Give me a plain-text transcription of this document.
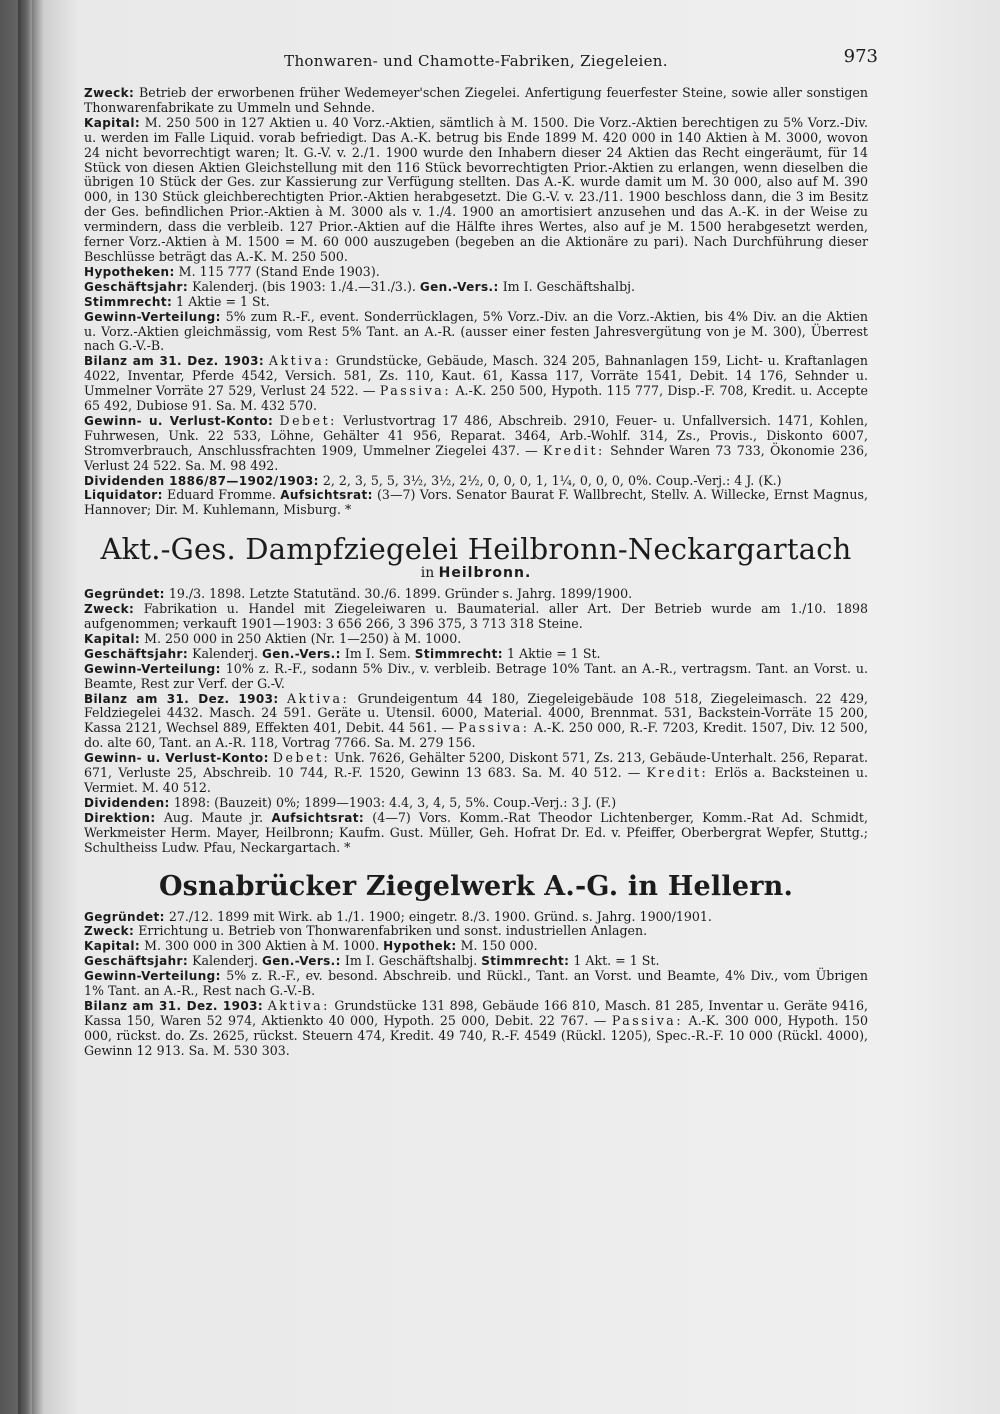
Thonwaren- und Chamotte-Fabriken, Ziegeleien.	973

Zweck: Betrieb der erworbenen früher Wedemeyer'schen Ziegelei. Anfertigung feuerfester Steine, sowie aller sonstigen Thonwarenfabrikate zu Ummeln und Sehnde.

Kapital: M. 250 500 in 127 Aktien u. 40 Vorz.-Aktien, sämtlich à M. 1500. Die Vorz.-Aktien berechtigen zu 5% Vorz.-Div. u. werden im Falle Liquid. vorab befriedigt. Das A.-K. betrug bis Ende 1899 M. 420 000 in 140 Aktien à M. 3000, wovon 24 nicht bevorrechtigt waren; lt. G.-V. v. 2./1. 1900 wurde den Inhabern dieser 24 Aktien das Recht eingeräumt, für 14 Stück von diesen Aktien Gleichstellung mit den 116 Stück bevorrechtigten Prior.-Aktien zu erlangen, wenn dieselben die übrigen 10 Stück der Ges. zur Kassierung zur Verfügung stellten. Das A.-K. wurde damit um M. 30 000, also auf M. 390 000, in 130 Stück gleichberechtigten Prior.-Aktien herabgesetzt. Die G.-V. v. 23./11. 1900 beschloss dann, die 3 im Besitz der Ges. befindlichen Prior.-Aktien à M. 3000 als v. 1./4. 1900 an amortisiert anzusehen und das A.-K. in der Weise zu vermindern, dass die verbleib. 127 Prior.-Aktien auf die Hälfte ihres Wertes, also auf je M. 1500 herabgesetzt werden, ferner Vorz.-Aktien à M. 1500 = M. 60 000 auszugeben (begeben an die Aktionäre zu pari). Nach Durchführung dieser Beschlüsse beträgt das A.-K. M. 250 500.

Hypotheken: M. 115 777 (Stand Ende 1903).

Geschäftsjahr: Kalenderj. (bis 1903: 1./4.—31./3.). Gen.-Vers.: Im I. Geschäftshalbj.

Stimmrecht: 1 Aktie = 1 St.

Gewinn-Verteilung: 5% zum R.-F., event. Sonderrücklagen, 5% Vorz.-Div. an die Vorz.-Aktien, bis 4% Div. an die Aktien u. Vorz.-Aktien gleichmässig, vom Rest 5% Tant. an A.-R. (ausser einer festen Jahresvergütung von je M. 300), Überrest nach G.-V.-B.

Bilanz am 31. Dez. 1903: Aktiva: Grundstücke, Gebäude, Masch. 324 205, Bahnanlagen 159, Licht- u. Kraftanlagen 4022, Inventar, Pferde 4542, Versich. 581, Zs. 110, Kaut. 61, Kassa 117, Vorräte 1541, Debit. 14 176, Sehnder u. Ummelner Vorräte 27 529, Verlust 24 522. — Passiva: A.-K. 250 500, Hypoth. 115 777, Disp.-F. 708, Kredit. u. Accepte 65 492, Dubiose 91. Sa. M. 432 570.

Gewinn- u. Verlust-Konto: Debet: Verlustvortrag 17 486, Abschreib. 2910, Feuer- u. Unfallversich. 1471, Kohlen, Fuhrwesen, Unk. 22 533, Löhne, Gehälter 41 956, Reparat. 3464, Arb.-Wohlf. 314, Zs., Provis., Diskonto 6007, Stromverbrauch, Anschlussfrachten 1909, Ummelner Ziegelei 437. — Kredit: Sehnder Waren 73 733, Ökonomie 236, Verlust 24 522. Sa. M. 98 492.

Dividenden 1886/87—1902/1903: 2, 2, 3, 5, 5, 3½, 3½, 2½, 0, 0, 0, 1, 1¼, 0, 0, 0, 0%. Coup.-Verj.: 4 J. (K.)

Liquidator: Eduard Fromme. Aufsichtsrat: (3—7) Vors. Senator Baurat F. Wallbrecht, Stellv. A. Willecke, Ernst Magnus, Hannover; Dir. M. Kuhlemann, Misburg. *

Akt.-Ges. Dampfziegelei Heilbronn-Neckargartach
in Heilbronn.

Gegründet: 19./3. 1898. Letzte Statutänd. 30./6. 1899. Gründer s. Jahrg. 1899/1900.

Zweck: Fabrikation u. Handel mit Ziegeleiwaren u. Baumaterial. aller Art. Der Betrieb wurde am 1./10. 1898 aufgenommen; verkauft 1901—1903: 3 656 266, 3 396 375, 3 713 318 Steine.

Kapital: M. 250 000 in 250 Aktien (Nr. 1—250) à M. 1000.

Geschäftsjahr: Kalenderj. Gen.-Vers.: Im I. Sem. Stimmrecht: 1 Aktie = 1 St.

Gewinn-Verteilung: 10% z. R.-F., sodann 5% Div., v. verbleib. Betrage 10% Tant. an A.-R., vertragsm. Tant. an Vorst. u. Beamte, Rest zur Verf. der G.-V.

Bilanz am 31. Dez. 1903: Aktiva: Grundeigentum 44 180, Ziegeleigebäude 108 518, Ziegeleimasch. 22 429, Feldziegelei 4432. Masch. 24 591. Geräte u. Utensil. 6000, Material. 4000, Brennmat. 531, Backstein-Vorräte 15 200, Kassa 2121, Wechsel 889, Effekten 401, Debit. 44 561. — Passiva: A.-K. 250 000, R.-F. 7203, Kredit. 1507, Div. 12 500, do. alte 60, Tant. an A.-R. 118, Vortrag 7766. Sa. M. 279 156.

Gewinn- u. Verlust-Konto: Debet: Unk. 7626, Gehälter 5200, Diskont 571, Zs. 213, Gebäude-Unterhalt. 256, Reparat. 671, Verluste 25, Abschreib. 10 744, R.-F. 1520, Gewinn 13 683. Sa. M. 40 512. — Kredit: Erlös a. Backsteinen u. Vermiet. M. 40 512.

Dividenden: 1898: (Bauzeit) 0%; 1899—1903: 4.4, 3, 4, 5, 5%. Coup.-Verj.: 3 J. (F.)

Direktion: Aug. Maute jr. Aufsichtsrat: (4—7) Vors. Komm.-Rat Theodor Lichtenberger, Komm.-Rat Ad. Schmidt, Werkmeister Herm. Mayer, Heilbronn; Kaufm. Gust. Müller, Geh. Hofrat Dr. Ed. v. Pfeiffer, Oberbergrat Wepfer, Stuttg.; Schultheiss Ludw. Pfau, Neckargartach. *

Osnabrücker Ziegelwerk A.-G. in Hellern.

Gegründet: 27./12. 1899 mit Wirk. ab 1./1. 1900; eingetr. 8./3. 1900. Gründ. s. Jahrg. 1900/1901.

Zweck: Errichtung u. Betrieb von Thonwarenfabriken und sonst. industriellen Anlagen.

Kapital: M. 300 000 in 300 Aktien à M. 1000. Hypothek: M. 150 000.

Geschäftsjahr: Kalenderj. Gen.-Vers.: Im I. Geschäftshalbj. Stimmrecht: 1 Akt. = 1 St.

Gewinn-Verteilung: 5% z. R.-F., ev. besond. Abschreib. und Rückl., Tant. an Vorst. und Beamte, 4% Div., vom Übrigen 1% Tant. an A.-R., Rest nach G.-V.-B.

Bilanz am 31. Dez. 1903: Aktiva: Grundstücke 131 898, Gebäude 166 810, Masch. 81 285, Inventar u. Geräte 9416, Kassa 150, Waren 52 974, Aktienkto 40 000, Hypoth. 25 000, Debit. 22 767. — Passiva: A.-K. 300 000, Hypoth. 150 000, rückst. do. Zs. 2625, rückst. Steuern 474, Kredit. 49 740, R.-F. 4549 (Rückl. 1205), Spec.-R.-F. 10 000 (Rückl. 4000), Gewinn 12 913. Sa. M. 530 303.
